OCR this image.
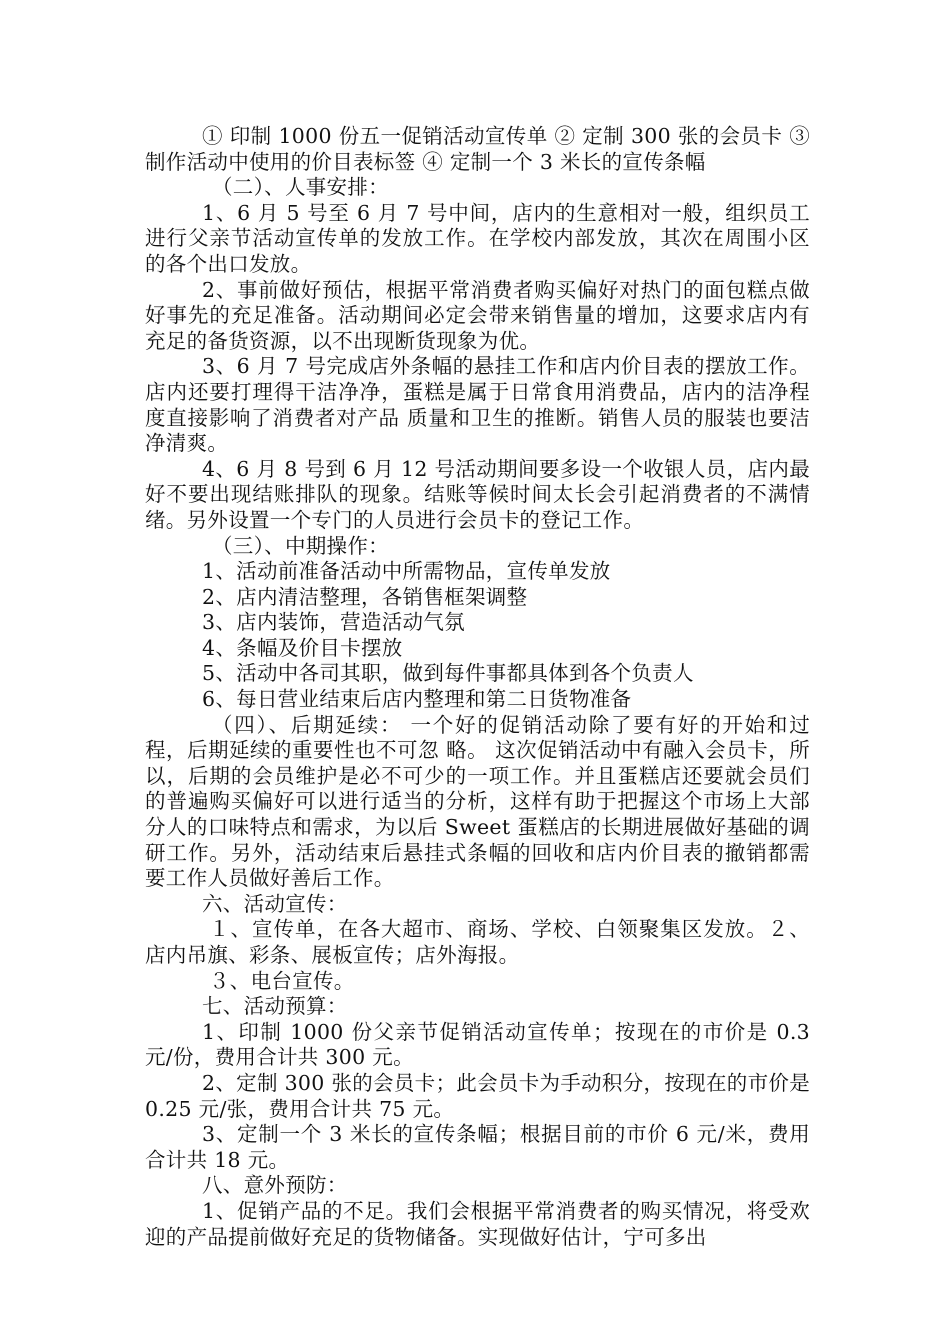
① 印制 1000 份五一促销活动宣传单 ② 定制 300 张的会员卡 ③ 制作活动中使用的价目表标签 ④ 定制一个 3 米长的宣传条幅

（二）、人事安排：

1、6 月 5 号至 6 月 7 号中间，店内的生意相对一般，组织员工进行父亲节活动宣传单的发放工作。在学校内部发放，其次在周围小区的各个出口发放。

2、事前做好预估，根据平常消费者购买偏好对热门的面包糕点做好事先的充足准备。活动期间必定会带来销售量的增加，这要求店内有充足的备货资源，以不出现断货现象为优。

3、6 月 7 号完成店外条幅的悬挂工作和店内价目表的摆放工作。店内还要打理得干洁净净，蛋糕是属于日常食用消费品，店内的洁净程度直接影响了消费者对产品 质量和卫生的推断。销售人员的服装也要洁净清爽。

4、6 月 8 号到 6 月 12 号活动期间要多设一个收银人员，店内最好不要出现结账排队的现象。结账等候时间太长会引起消费者的不满情绪。另外设置一个专门的人员进行会员卡的登记工作。

（三）、中期操作：

1、活动前准备活动中所需物品，宣传单发放

2、店内清洁整理，各销售框架调整

3、店内装饰，营造活动气氛

4、条幅及价目卡摆放

5、活动中各司其职，做到每件事都具体到各个负责人

6、每日营业结束后店内整理和第二日货物准备

（四）、后期延续： 一个好的促销活动除了要有好的开始和过程，后期延续的重要性也不可忽 略。 这次促销活动中有融入会员卡，所以，后期的会员维护是必不可少的一项工作。并且蛋糕店还要就会员们的普遍购买偏好可以进行适当的分析，这样有助于把握这个市场上大部分人的口味特点和需求，为以后 Sweet 蛋糕店的长期进展做好基础的调研工作。另外，活动结束后悬挂式条幅的回收和店内价目表的撤销都需要工作人员做好善后工作。

六、活动宣传：

１、宣传单，在各大超市、商场、学校、白领聚集区发放。２、店内吊旗、彩条、展板宣传；店外海报。

３、电台宣传。

七、活动预算：

1、印制 1000 份父亲节促销活动宣传单；按现在的市价是 0.3 元/份，费用合计共 300 元。

2、定制 300 张的会员卡；此会员卡为手动积分，按现在的市价是 0.25 元/张，费用合计共 75 元。

3、定制一个 3 米长的宣传条幅；根据目前的市价 6 元/米，费用合计共 18 元。

八、意外预防：

1、促销产品的不足。我们会根据平常消费者的购买情况，将受欢迎的产品提前做好充足的货物储备。实现做好估计，宁可多出
